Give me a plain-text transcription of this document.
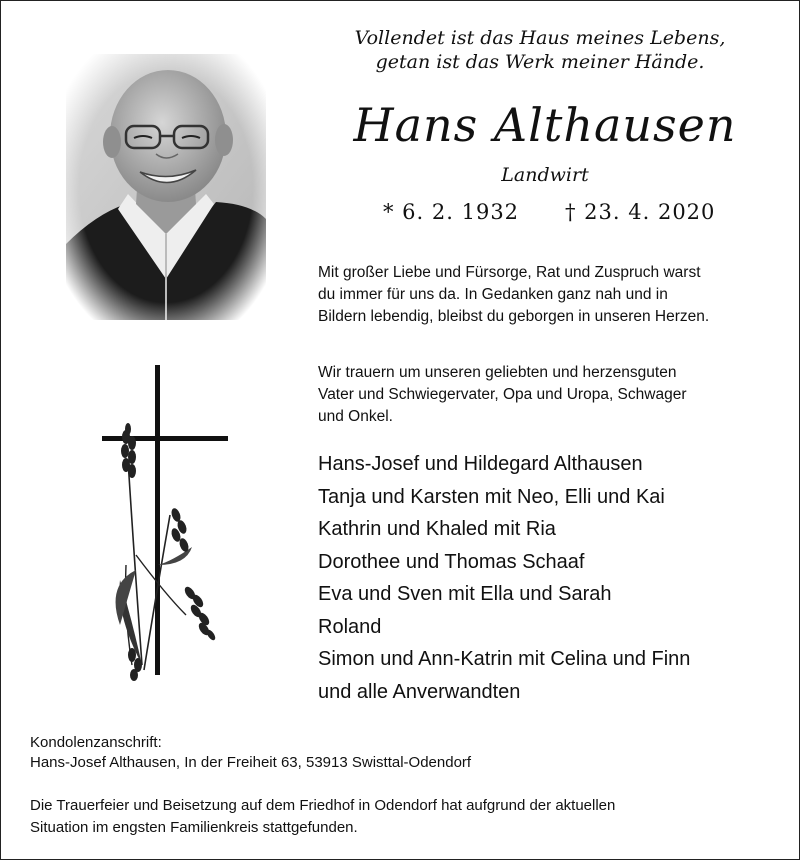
Vollendet ist das Haus meines Lebens,
getan ist das Werk meiner Hände.
Hans Althausen
Landwirt
* 6. 2. 1932 † 23. 4. 2020
Mit großer Liebe und Fürsorge, Rat und Zuspruch warst
du immer für uns da. In Gedanken ganz nah und in
Bildern lebendig, bleibst du geborgen in unseren Herzen.
Wir trauern um unseren geliebten und herzensguten
Vater und Schwiegervater, Opa und Uropa, Schwager
und Onkel.
Hans-Josef und Hildegard Althausen
Tanja und Karsten mit Neo, Elli und Kai
Kathrin und Khaled mit Ria
Dorothee und Thomas Schaaf
Eva und Sven mit Ella und Sarah
Roland
Simon und Ann-Katrin mit Celina und Finn
und alle Anverwandten
Kondolenzanschrift:
Hans-Josef Althausen, In der Freiheit 63, 53913 Swisttal-Odendorf
Die Trauerfeier und Beisetzung auf dem Friedhof in Odendorf hat aufgrund der aktuellen
Situation im engsten Familienkreis stattgefunden.
